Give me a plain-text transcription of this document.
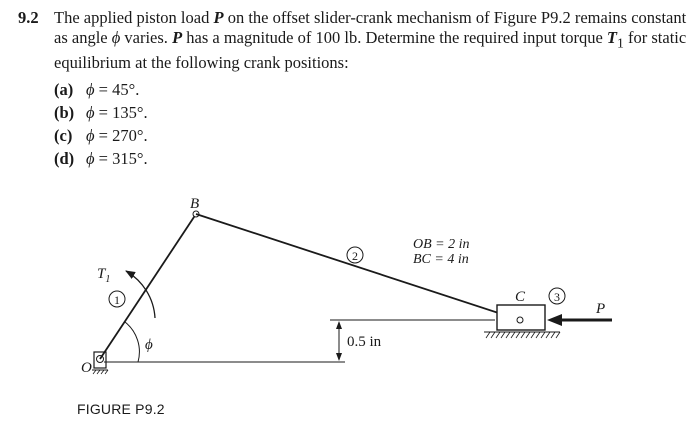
9.2 The applied piston load P on the offset slider-crank mechanism of Figure P9.2 remains constant as angle ϕ varies. P has a magnitude of 100 lb. Determine the required input torque $T_1$ for static equilibrium at the following crank positions:
(a) ϕ = 45°.
(b) ϕ = 135°.
(c) ϕ = 270°.
(d) ϕ = 315°.
0.5 in
O
B
ϕ
$T_1$
1
2
3
OB = 2 in
BC = 4 in
C
P
FIGURE P9.2
